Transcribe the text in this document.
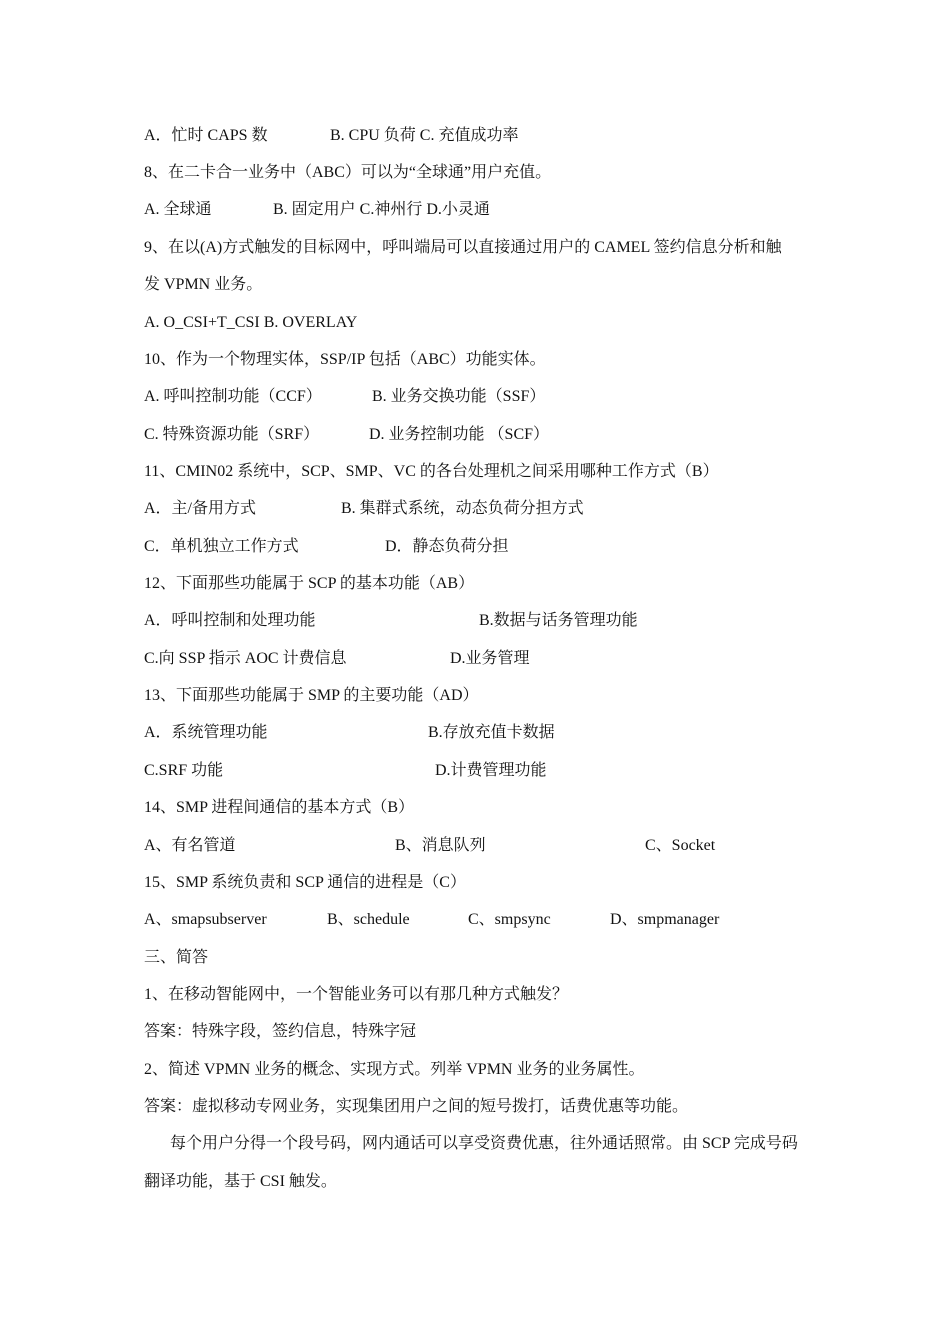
A．忙时 CAPS 数	B. CPU 负荷 C. 充值成功率
8、在二卡合一业务中（ABC）可以为“全球通”用户充值。
A. 全球通	B. 固定用户 C.神州行 D.小灵通
9、在以(A)方式触发的目标网中，呼叫端局可以直接通过用户的 CAMEL 签约信息分析和触
发 VPMN 业务。
A. O_CSI+T_CSI B. OVERLAY
10、作为一个物理实体，SSP/IP 包括（ABC）功能实体。
A. 呼叫控制功能（CCF）	B. 业务交换功能（SSF）
C. 特殊资源功能（SRF）	D. 业务控制功能 （SCF）
11、CMIN02 系统中，SCP、SMP、VC 的各台处理机之间采用哪种工作方式（B）
A．主/备用方式	B. 集群式系统，动态负荷分担方式
C．单机独立工作方式	D．静态负荷分担
12、下面那些功能属于 SCP 的基本功能（AB）
A．呼叫控制和处理功能	B.数据与话务管理功能
C.向 SSP 指示 AOC 计费信息	D.业务管理
13、下面那些功能属于 SMP 的主要功能（AD）
A．系统管理功能	B.存放充值卡数据
C.SRF 功能	D.计费管理功能
14、SMP 进程间通信的基本方式（B）
A、有名管道	B、消息队列	C、Socket
15、SMP 系统负责和 SCP 通信的进程是（C）
A、smapsubserver	B、schedule	C、smpsync	D、smpmanager
三、简答
1、在移动智能网中，一个智能业务可以有那几种方式触发？
答案：特殊字段，签约信息，特殊字冠
2、简述 VPMN 业务的概念、实现方式。列举 VPMN 业务的业务属性。
答案：虚拟移动专网业务，实现集团用户之间的短号拨打，话费优惠等功能。
每个用户分得一个段号码，网内通话可以享受资费优惠，往外通话照常。由 SCP 完成号码
翻译功能，基于 CSI 触发。
